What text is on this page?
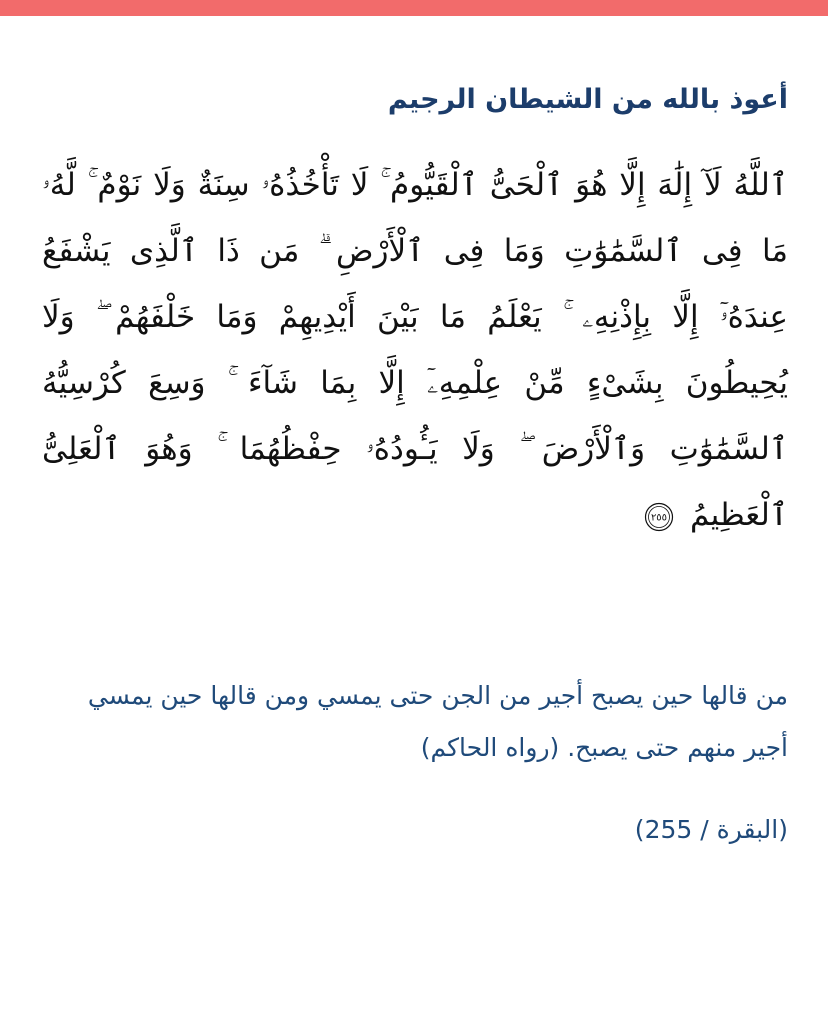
أعوذ بالله من الشيطان الرجيم

ٱللَّهُ لَآ إِلَٰهَ إِلَّا هُوَ ٱلْحَىُّ ٱلْقَيُّومُ ۚ لَا تَأْخُذُهُۥ سِنَةٌ وَلَا نَوْمٌ ۚ لَّهُۥ مَا فِى ٱلسَّمَٰوَٰتِ وَمَا فِى ٱلْأَرْضِ ۗ مَن ذَا ٱلَّذِى يَشْفَعُ عِندَهُۥٓ إِلَّا بِإِذْنِهِۦ ۚ يَعْلَمُ مَا بَيْنَ أَيْدِيهِمْ وَمَا خَلْفَهُمْ ۖ وَلَا يُحِيطُونَ بِشَىْءٍ مِّنْ عِلْمِهِۦٓ إِلَّا بِمَا شَآءَ ۚ وَسِعَ كُرْسِيُّهُ ٱلسَّمَٰوَٰتِ وَٱلْأَرْضَ ۖ وَلَا يَـُٔودُهُۥ حِفْظُهُمَا ۚ وَهُوَ ٱلْعَلِىُّ ٱلْعَظِيمُ
٢٥٥

من قالها حين يصبح أجير من الجن حتى يمسي ومن قالها حين يمسي أجير منهم حتى يصبح. (رواه الحاكم)

(البقرة / 255)
